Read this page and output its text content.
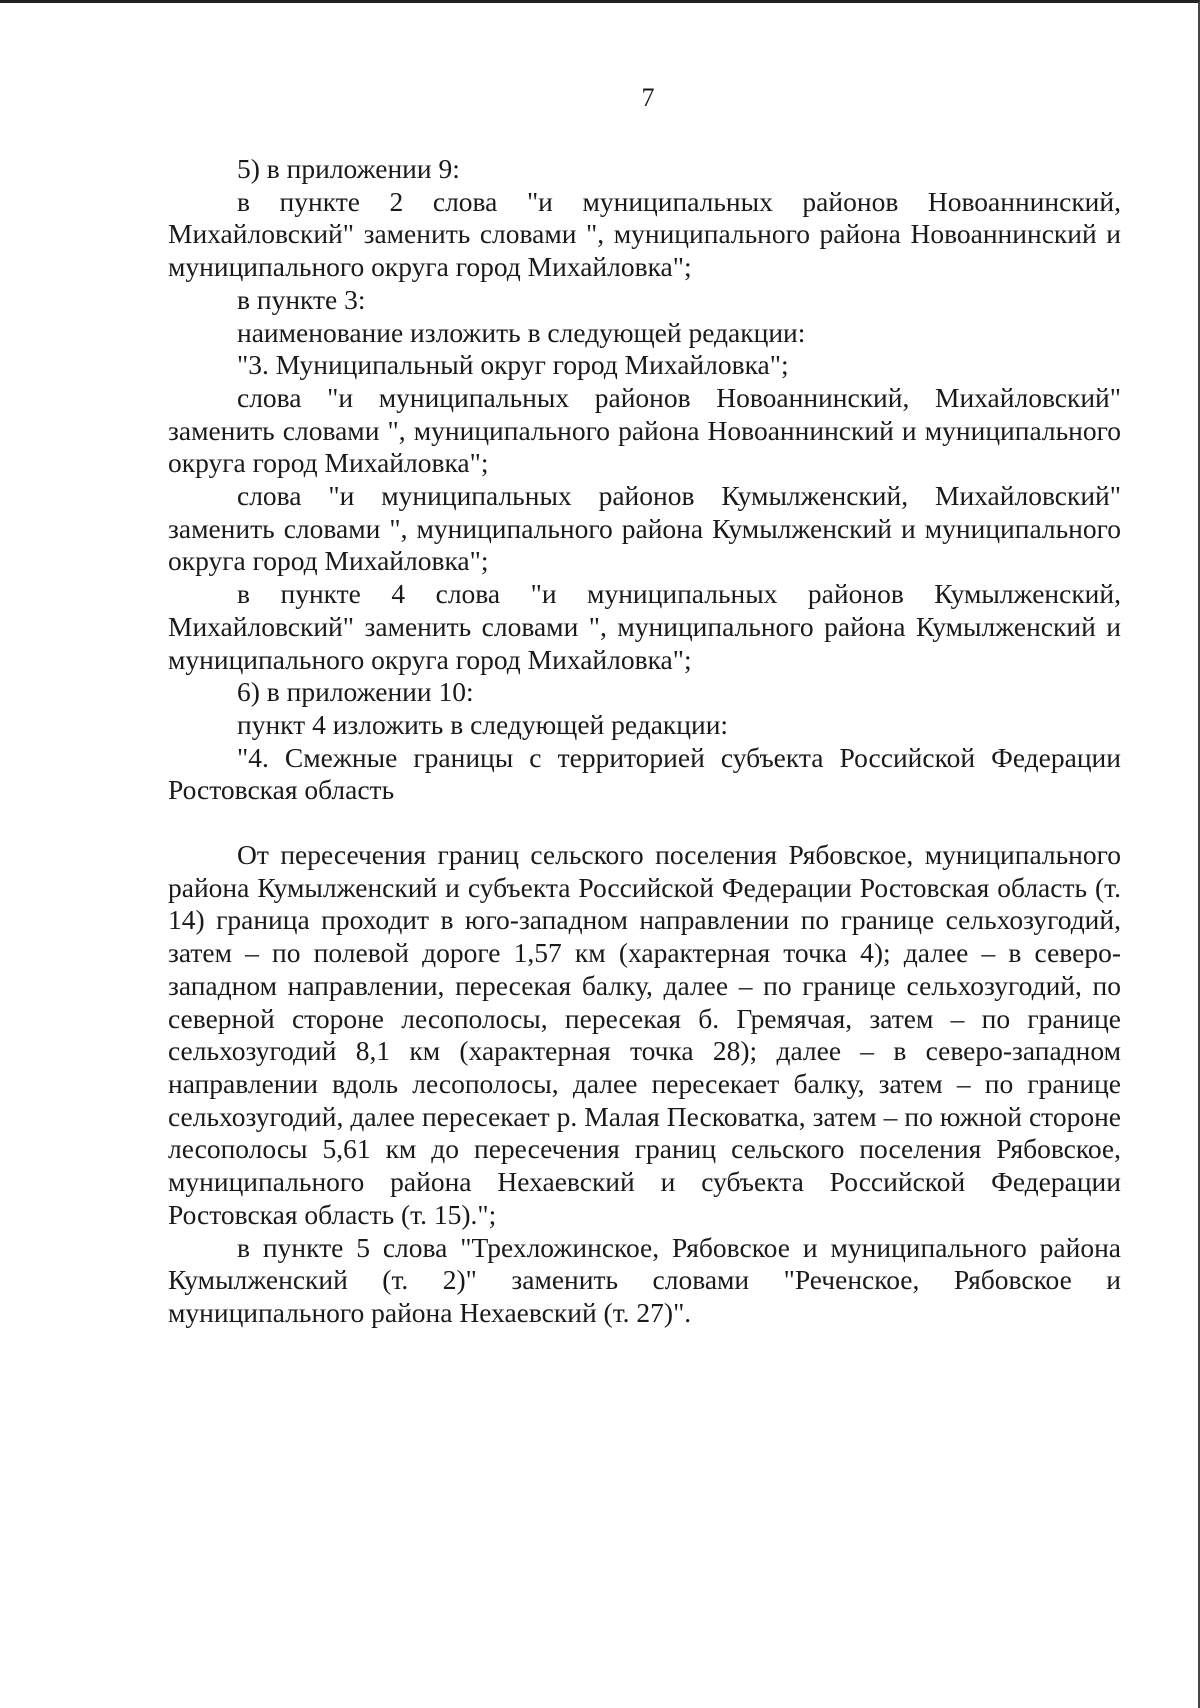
7

5) в приложении 9:

в пункте 2 слова "и муниципальных районов Новоаннинский, Михайловский" заменить словами ", муниципального района Новоаннинский и муниципального округа город Михайловка";

в пункте 3:

наименование изложить в следующей редакции:

"3. Муниципальный округ город Михайловка";

слова "и муниципальных районов Новоаннинский, Михайловский" заменить словами ", муниципального района Новоаннинский и муниципального округа город Михайловка";

слова "и муниципальных районов Кумылженский, Михайловский" заменить словами ", муниципального района Кумылженский и муниципального округа город Михайловка";

в пункте 4 слова "и муниципальных районов Кумылженский, Михайловский" заменить словами ", муниципального района Кумылженский и муниципального округа город Михайловка";

6) в приложении 10:

пункт 4 изложить в следующей редакции:

"4. Смежные границы с территорией субъекта Российской Федерации Ростовская область

От пересечения границ сельского поселения Рябовское, муниципального района Кумылженский и субъекта Российской Федерации Ростовская область (т. 14) граница проходит в юго-западном направлении по границе сельхозугодий, затем – по полевой дороге 1,57 км (характерная точка 4); далее – в северо-западном направлении, пересекая балку, далее – по границе сельхозугодий, по северной стороне лесополосы, пересекая б. Гремячая, затем – по границе сельхозугодий 8,1 км (характерная точка 28); далее – в северо-западном направлении вдоль лесополосы, далее пересекает балку, затем – по границе сельхозугодий, далее пересекает р. Малая Песковатка, затем – по южной стороне лесополосы 5,61 км до пересечения границ сельского поселения Рябовское, муниципального района Нехаевский и субъекта Российской Федерации Ростовская область (т. 15).";

в пункте 5 слова "Трехложинское, Рябовское и муниципального района Кумылженский (т. 2)" заменить словами "Реченское, Рябовское и муниципального района Нехаевский (т. 27)".
